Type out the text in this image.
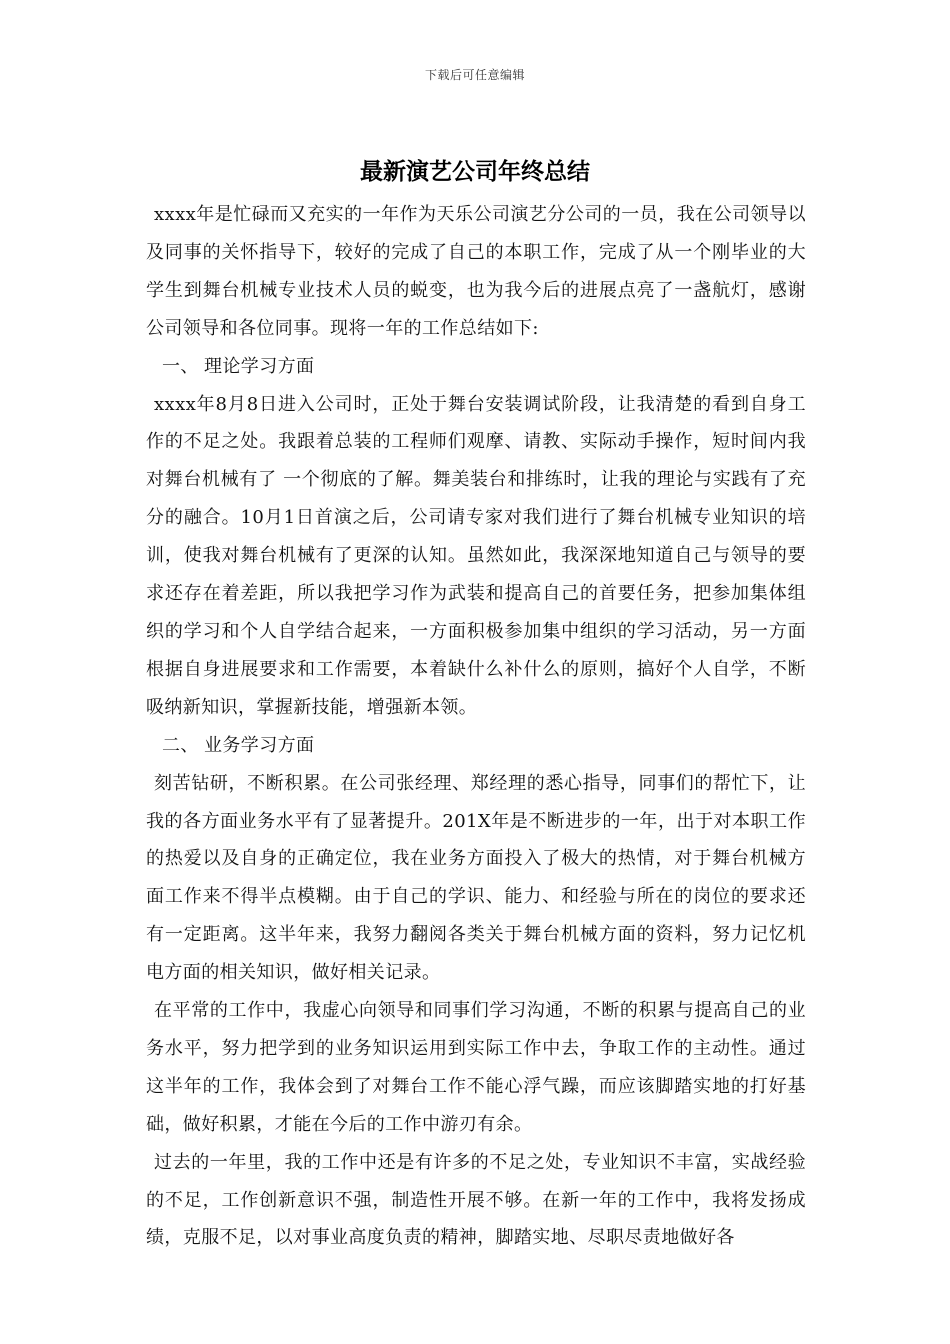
下载后可任意编辑
最新演艺公司年终总结

xxxx年是忙碌而又充实的一年作为天乐公司演艺分公司的一员，我在公司领导以及同事的关怀指导下，较好的完成了自己的本职工作，完成了从一个刚毕业的大学生到舞台机械专业技术人员的蜕变，也为我今后的进展点亮了一盏航灯，感谢公司领导和各位同事。现将一年的工作总结如下:

一、 理论学习方面

xxxx年8月8日进入公司时，正处于舞台安装调试阶段，让我清楚的看到自身工作的不足之处。我跟着总装的工程师们观摩、请教、实际动手操作，短时间内我对舞台机械有了 一个彻底的了解。舞美装台和排练时，让我的理论与实践有了充分的融合。10月1日首演之后，公司请专家对我们进行了舞台机械专业知识的培训，使我对舞台机械有了更深的认知。虽然如此，我深深地知道自己与领导的要求还存在着差距，所以我把学习作为武装和提高自己的首要任务，把参加集体组织的学习和个人自学结合起来，一方面积极参加集中组织的学习活动，另一方面根据自身进展要求和工作需要，本着缺什么补什么的原则，搞好个人自学，不断吸纳新知识，掌握新技能，增强新本领。

二、 业务学习方面

刻苦钻研，不断积累。在公司张经理、郑经理的悉心指导，同事们的帮忙下，让我的各方面业务水平有了显著提升。201X年是不断进步的一年，出于对本职工作的热爱以及自身的正确定位，我在业务方面投入了极大的热情，对于舞台机械方面工作来不得半点模糊。由于自己的学识、能力、和经验与所在的岗位的要求还有一定距离。这半年来，我努力翻阅各类关于舞台机械方面的资料，努力记忆机电方面的相关知识，做好相关记录。

在平常的工作中，我虚心向领导和同事们学习沟通，不断的积累与提高自己的业务水平，努力把学到的业务知识运用到实际工作中去，争取工作的主动性。通过这半年的工作，我体会到了对舞台工作不能心浮气躁，而应该脚踏实地的打好基础，做好积累，才能在今后的工作中游刃有余。

过去的一年里，我的工作中还是有许多的不足之处，专业知识不丰富，实战经验的不足，工作创新意识不强，制造性开展不够。在新一年的工作中，我将发扬成绩，克服不足，以对事业高度负责的精神，脚踏实地、尽职尽责地做好各
